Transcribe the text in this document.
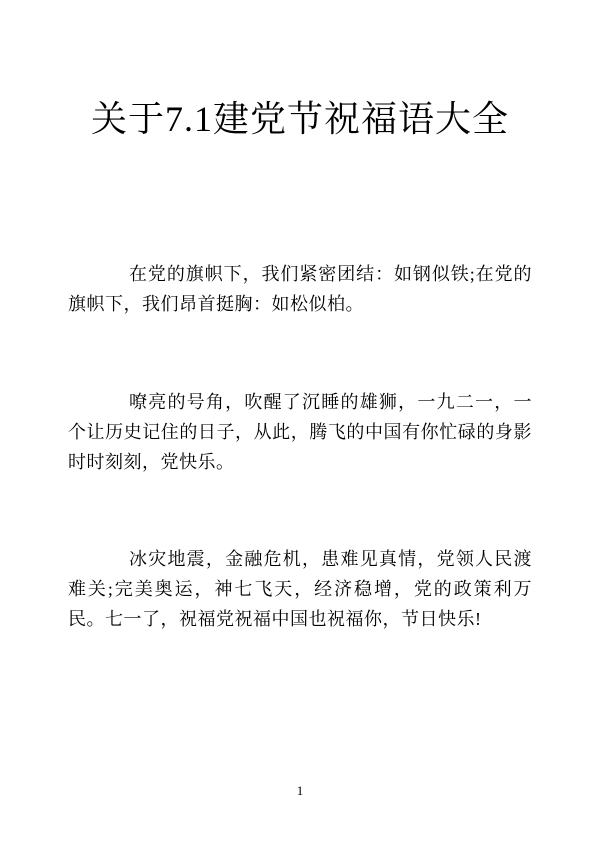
关于7.1建党节祝福语大全

在党的旗帜下，我们紧密团结：如钢似铁;在党的旗帜下，我们昂首挺胸：如松似柏。

嘹亮的号角，吹醒了沉睡的雄狮，一九二一，一个让历史记住的日子，从此，腾飞的中国有你忙碌的身影时时刻刻，党快乐。

冰灾地震，金融危机，患难见真情，党领人民渡难关;完美奥运，神七飞天，经济稳增，党的政策利万民。七一了，祝福党祝福中国也祝福你，节日快乐!

1
